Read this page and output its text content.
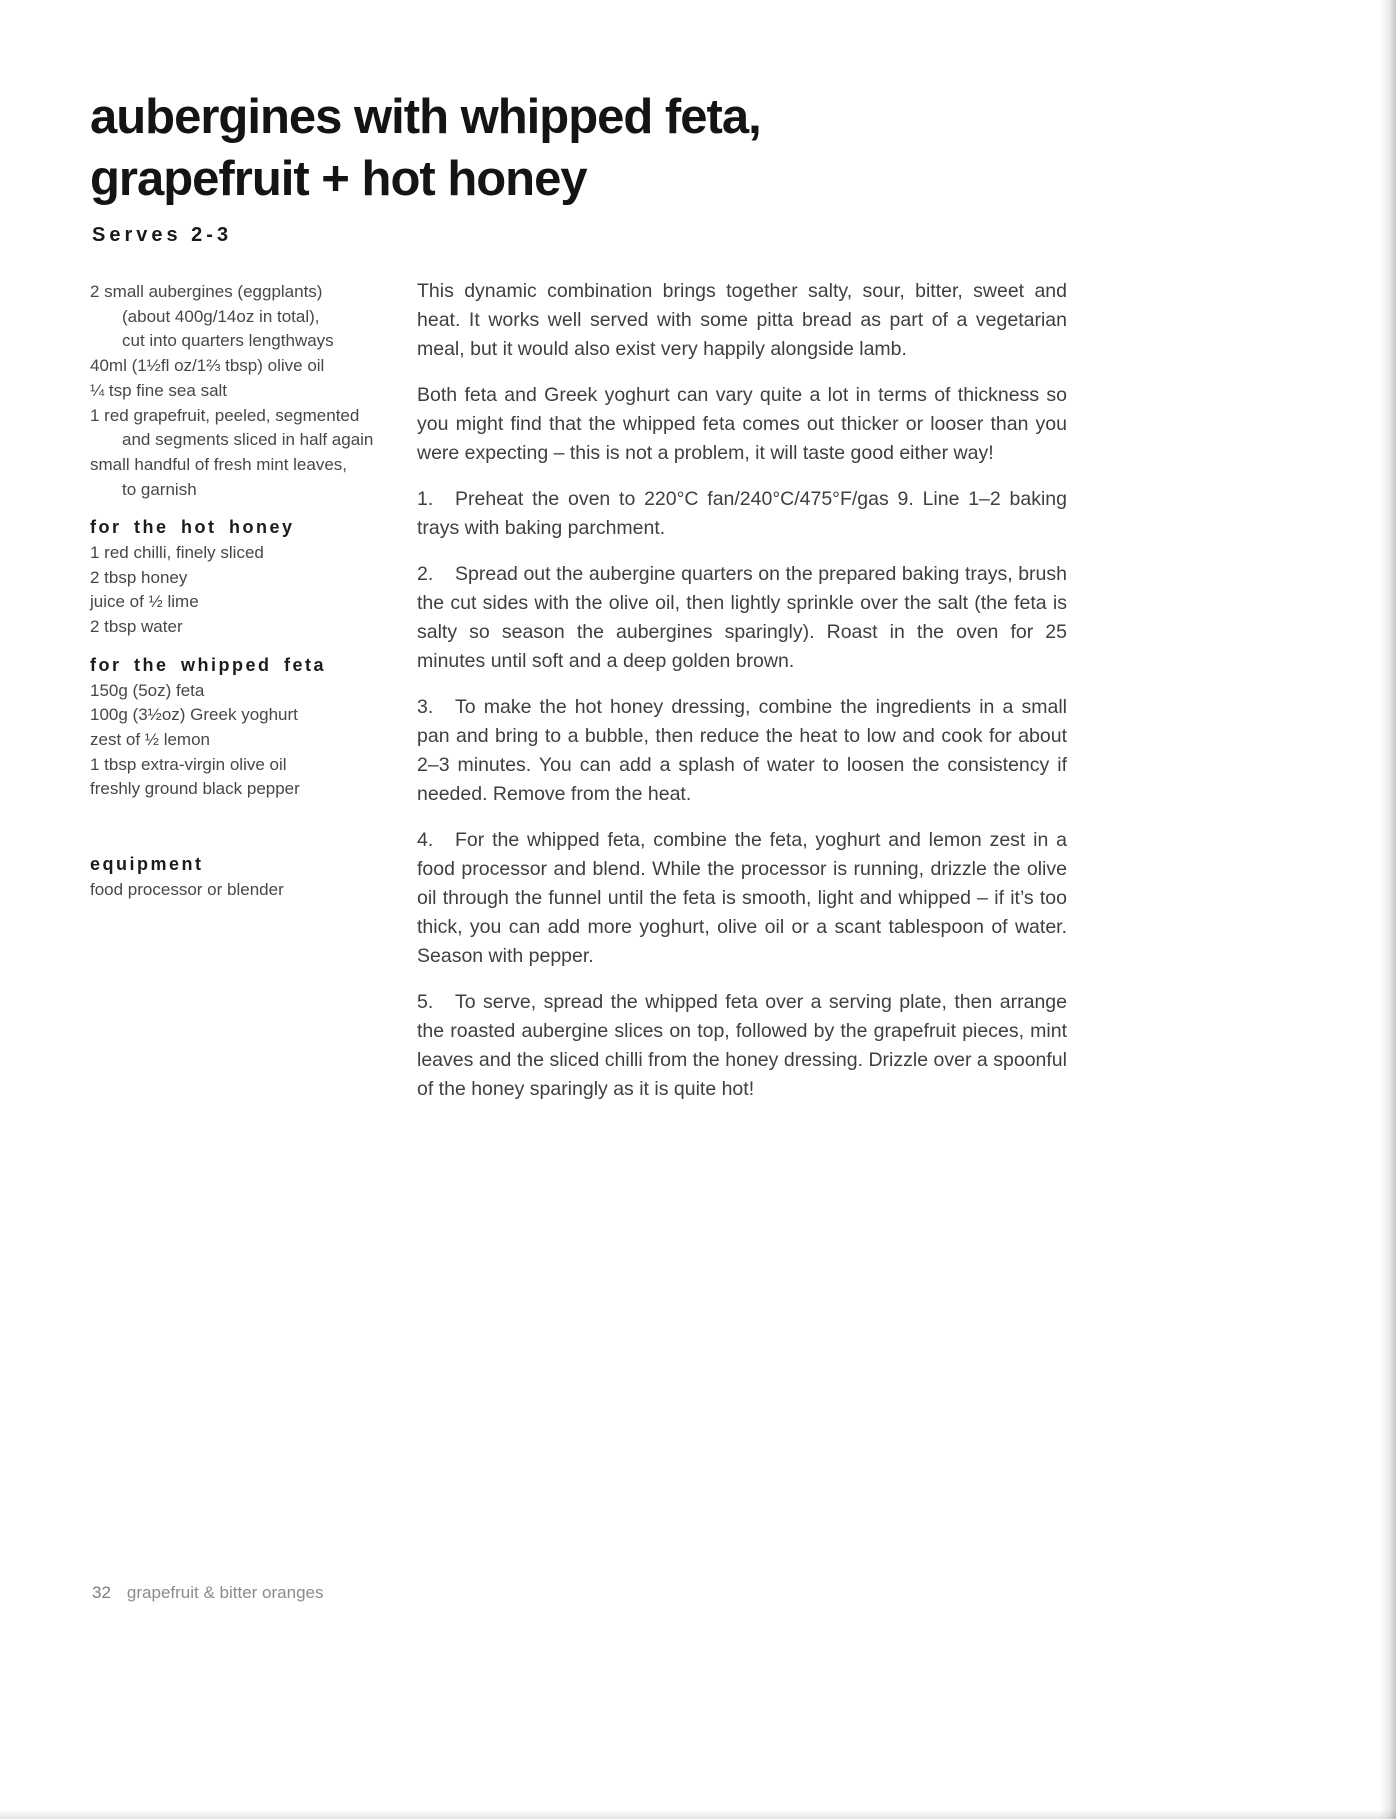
aubergines with whipped feta,
grapefruit + hot honey
Serves 2-3
2 small aubergines (eggplants)
(about 400g/14oz in total),
cut into quarters lengthways
40ml (1½fl oz/1⅔ tbsp) olive oil
¼ tsp fine sea salt
1 red grapefruit, peeled, segmented
and segments sliced in half again
small handful of fresh mint leaves,
to garnish
for the hot honey
1 red chilli, finely sliced
2 tbsp honey
juice of ½ lime
2 tbsp water
for the whipped feta
150g (5oz) feta
100g (3½oz) Greek yoghurt
zest of ½ lemon
1 tbsp extra-virgin olive oil
freshly ground black pepper
equipment
food processor or blender

This dynamic combination brings together salty, sour, bitter, sweet and heat. It works well served with some pitta bread as part of a vegetarian meal, but it would also exist very happily alongside lamb.

Both feta and Greek yoghurt can vary quite a lot in terms of thickness so you might find that the whipped feta comes out thicker or looser than you were expecting – this is not a problem, it will taste good either way!

1. Preheat the oven to 220°C fan/240°C/475°F/gas 9. Line 1–2 baking trays with baking parchment.

2. Spread out the aubergine quarters on the prepared baking trays, brush the cut sides with the olive oil, then lightly sprinkle over the salt (the feta is salty so season the aubergines sparingly). Roast in the oven for 25 minutes until soft and a deep golden brown.

3. To make the hot honey dressing, combine the ingredients in a small pan and bring to a bubble, then reduce the heat to low and cook for about 2–3 minutes. You can add a splash of water to loosen the consistency if needed. Remove from the heat.

4. For the whipped feta, combine the feta, yoghurt and lemon zest in a food processor and blend. While the processor is running, drizzle the olive oil through the funnel until the feta is smooth, light and whipped – if it’s too thick, you can add more yoghurt, olive oil or a scant tablespoon of water. Season with pepper.

5. To serve, spread the whipped feta over a serving plate, then arrange the roasted aubergine slices on top, followed by the grapefruit pieces, mint leaves and the sliced chilli from the honey dressing. Drizzle over a spoonful of the honey sparingly as it is quite hot!

32 grapefruit & bitter oranges
